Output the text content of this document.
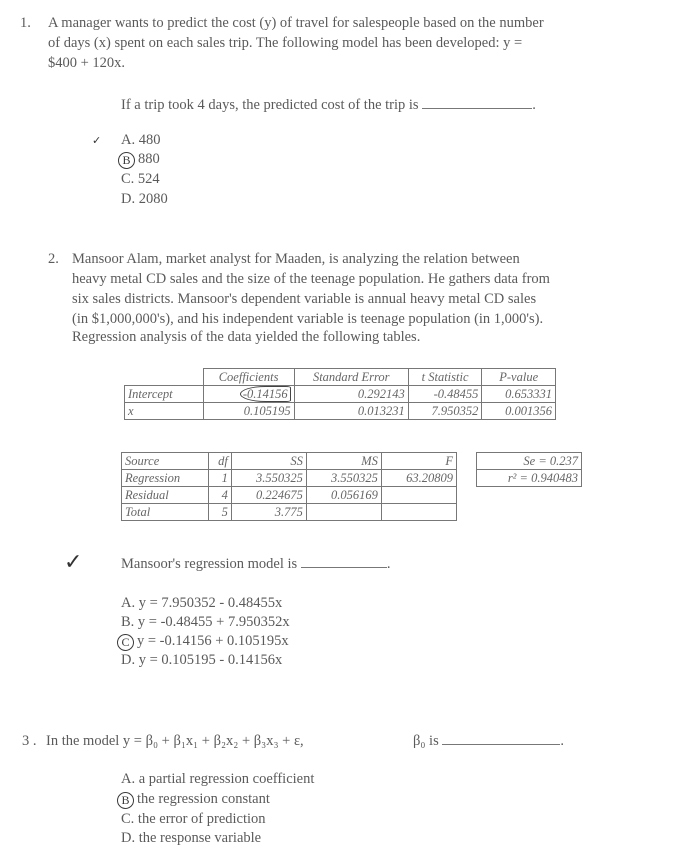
1. A manager wants to predict the cost (y) of travel for salespeople based on the number
of days (x) spent on each sales trip. The following model has been developed: y =
$400 + 120x.
If a trip took 4 days, the predicted cost of the trip is	.
✓ A. 480
B 880
C. 524
D. 2080
2. Mansoor Alam, market analyst for Maaden, is analyzing the relation between
heavy metal CD sales and the size of the teenage population. He gathers data from
six sales districts. Mansoor's dependent variable is annual heavy metal CD sales
(in $1,000,000's), and his independent variable is teenage population (in 1,000's).
Regression analysis of the data yielded the following tables.
	Coefficients	Standard Error	t Statistic	P-value
Intercept	-0.14156	0.292143	-0.48455	0.653331
x	0.105195	0.013231	7.950352	0.001356
Source	df	SS	MS	F
Regression	1	3.550325	3.550325	63.20809
Residual	4	0.224675	0.056169	
Total	5	3.775		
Se = 0.237
r² = 0.940483
✓	Mansoor's regression model is	.
A. y = 7.950352 - 0.48455x
B. y = -0.48455 + 7.950352x
C y = -0.14156 + 0.105195x
D. y = 0.105195 - 0.14156x
3 . In the model y = β₀ + β₁x₁ + β₂x₂ + β₃x₃ + ε,	β₀ is	.
A. a partial regression coefficient
B the regression constant
C. the error of prediction
D. the response variable
